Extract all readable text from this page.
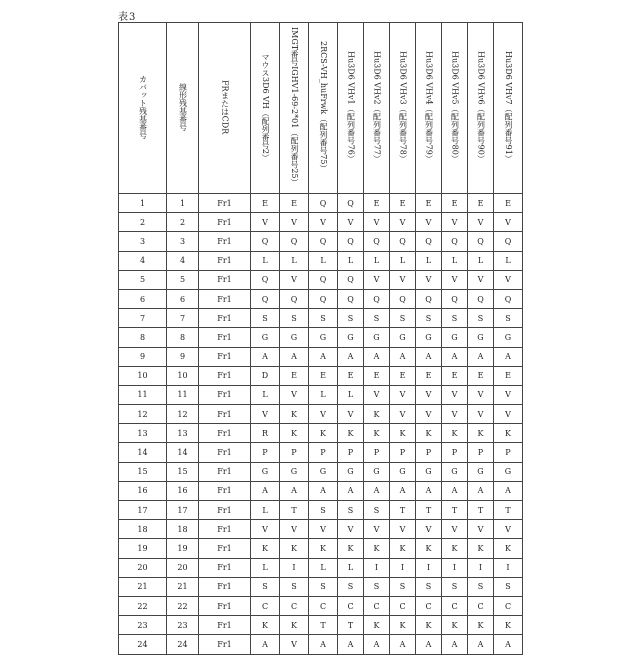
表3
カバット残基番号	線形残基番号	FRまたはCDR	マウス3D6 VH（配列番号2）	IMGT番号IGHV1-69-2*01（配列番号25）	2RCS-VH_huFrwk（配列番号75）	Hu3D6 VHv1（配列番号76）	Hu3D6 VHv2（配列番号77）	Hu3D6 VHv3（配列番号78）	Hu3D6 VHv4（配列番号79）	Hu3D6 VHv5（配列番号80）	Hu3D6 VHv6（配列番号90）	Hu3D6 VHv7（配列番号91）
1	1	Fr1	E	E	Q	Q	E	E	E	E	E	E
2	2	Fr1	V	V	V	V	V	V	V	V	V	V
3	3	Fr1	Q	Q	Q	Q	Q	Q	Q	Q	Q	Q
4	4	Fr1	L	L	L	L	L	L	L	L	L	L
5	5	Fr1	Q	V	Q	Q	V	V	V	V	V	V
6	6	Fr1	Q	Q	Q	Q	Q	Q	Q	Q	Q	Q
7	7	Fr1	S	S	S	S	S	S	S	S	S	S
8	8	Fr1	G	G	G	G	G	G	G	G	G	G
9	9	Fr1	A	A	A	A	A	A	A	A	A	A
10	10	Fr1	D	E	E	E	E	E	E	E	E	E
11	11	Fr1	L	V	L	L	V	V	V	V	V	V
12	12	Fr1	V	K	V	V	K	V	V	V	V	V
13	13	Fr1	R	K	K	K	K	K	K	K	K	K
14	14	Fr1	P	P	P	P	P	P	P	P	P	P
15	15	Fr1	G	G	G	G	G	G	G	G	G	G
16	16	Fr1	A	A	A	A	A	A	A	A	A	A
17	17	Fr1	L	T	S	S	S	T	T	T	T	T
18	18	Fr1	V	V	V	V	V	V	V	V	V	V
19	19	Fr1	K	K	K	K	K	K	K	K	K	K
20	20	Fr1	L	I	L	L	I	I	I	I	I	I
21	21	Fr1	S	S	S	S	S	S	S	S	S	S
22	22	Fr1	C	C	C	C	C	C	C	C	C	C
23	23	Fr1	K	K	T	T	K	K	K	K	K	K
24	24	Fr1	A	V	A	A	A	A	A	A	A	A
